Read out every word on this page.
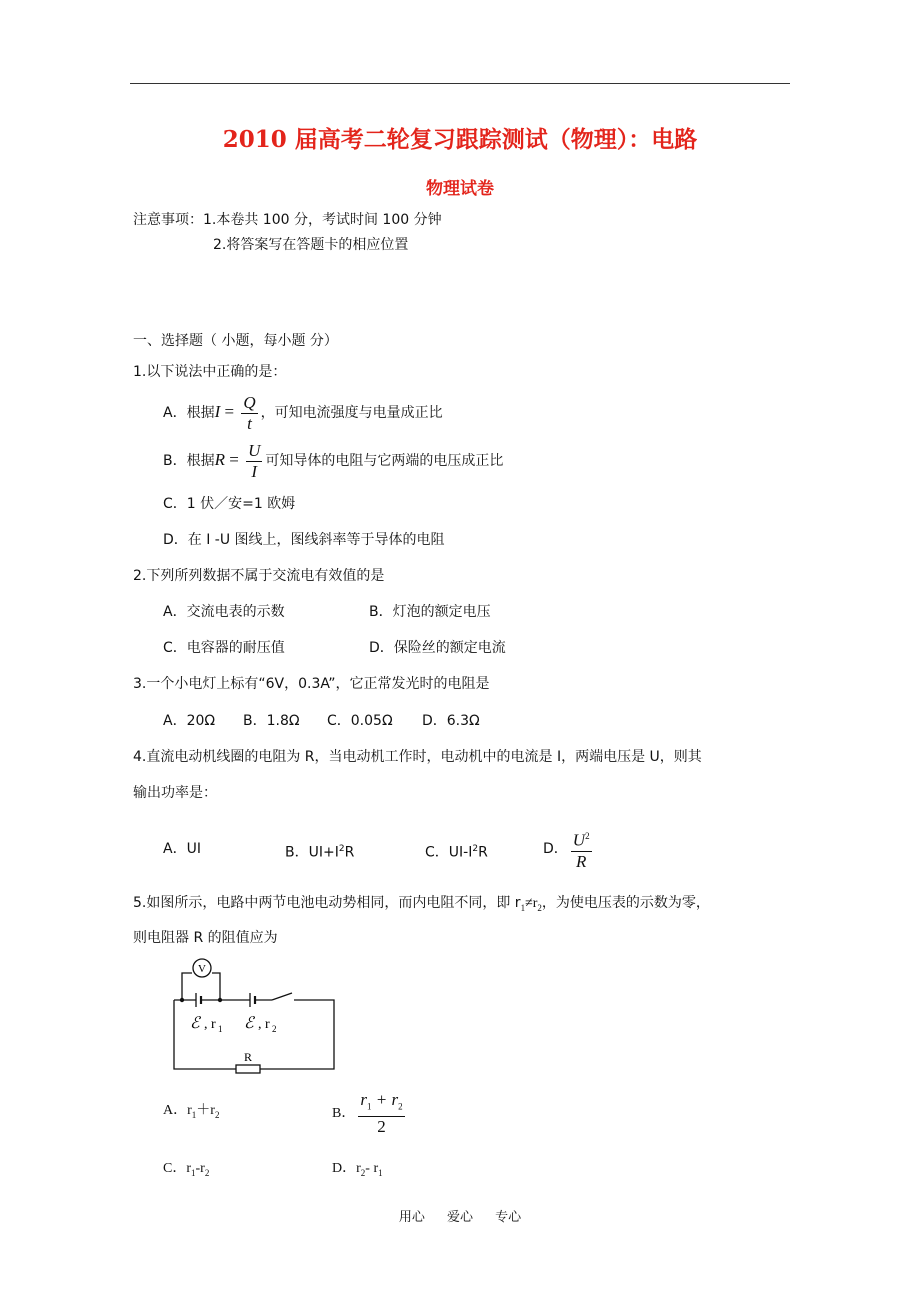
2010 届高考二轮复习跟踪测试（物理）：电路
物理试卷
注意事项：1.本卷共 100 分，考试时间 100 分钟
2.将答案写在答题卡的相应位置
一、选择题（ 小题，每小题 分）
1.以下说法中正确的是：
A．根据$I = \frac{Q}{t}$ ，可知电流强度与电量成正比
B．根据$R = \frac{U}{I}$ 可知导体的电阻与它两端的电压成正比
C．1 伏／安=1 欧姆
D．在 I -U 图线上，图线斜率等于导体的电阻
2.下列所列数据不属于交流电有效值的是
A．交流电表的示数	B．灯泡的额定电压
C．电容器的耐压值	D．保险丝的额定电流
3.一个小电灯上标有“6V，0.3A”，它正常发光时的电阻是
A．20Ω B．1.8Ω C．0.05Ω D．6.3Ω
4.直流电动机线圈的电阻为 R，当电动机工作时，电动机中的电流是 I，两端电压是 U，则其
输出功率是：
A．UI	B．$UI+I^2R$	C．$UI-I^2R$	D． $\frac{U^2}{R}$
5.如图所示，电路中两节电池电动势相同，而内电阻不同，即 $r_1\ne r_2$，为使电压表的示数为零，
则电阻器 R 的阻值应为
V
ℰ , r 1 ℰ , r 2
R
A．$r_1+r_2$	B． $\frac{r_1 + r_2}{2}$
C．$r_1-r_2$	D．$r_2-$ $r_1$
用心 爱心 专心
